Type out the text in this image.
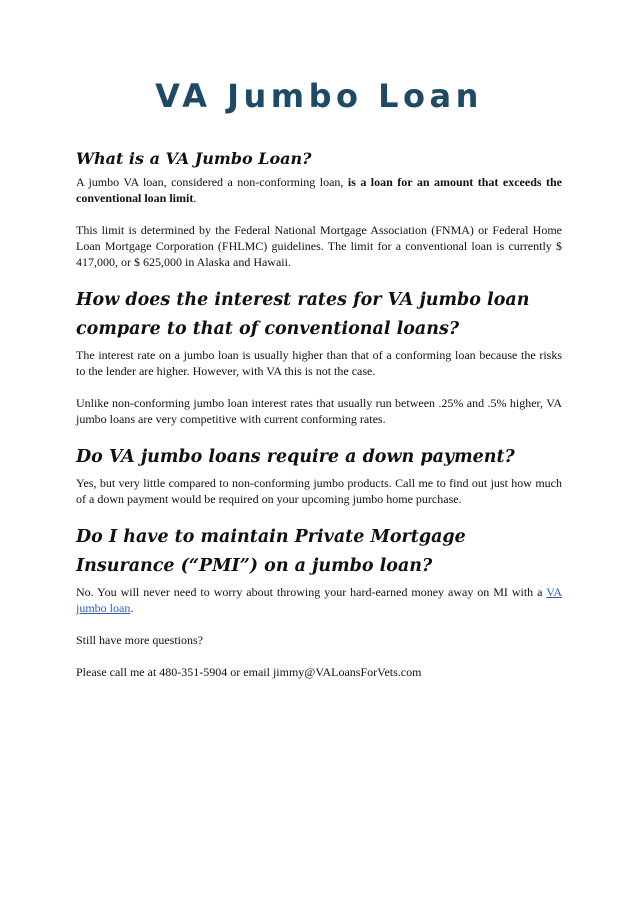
VA Jumbo Loan
What is a VA Jumbo Loan?

A jumbo VA loan, considered a non-conforming loan, is a loan for an amount that exceeds the conventional loan limit.

This limit is determined by the Federal National Mortgage Association (FNMA) or Federal Home Loan Mortgage Corporation (FHLMC) guidelines. The limit for a conventional loan is currently $ 417,000, or $ 625,000 in Alaska and Hawaii.

How does the interest rates for VA jumbo loan compare to that of conventional loans?

The interest rate on a jumbo loan is usually higher than that of a conforming loan because the risks to the lender are higher. However, with VA this is not the case.

Unlike non-conforming jumbo loan interest rates that usually run between .25% and .5% higher, VA jumbo loans are very competitive with current conforming rates.

Do VA jumbo loans require a down payment?

Yes, but very little compared to non-conforming jumbo products. Call me to find out just how much of a down payment would be required on your upcoming jumbo home purchase.

Do I have to maintain Private Mortgage Insurance (“PMI”) on a jumbo loan?

No. You will never need to worry about throwing your hard-earned money away on MI with a VA jumbo loan.

Still have more questions?

Please call me at 480-351-5904 or email jimmy@VALoansForVets.com
